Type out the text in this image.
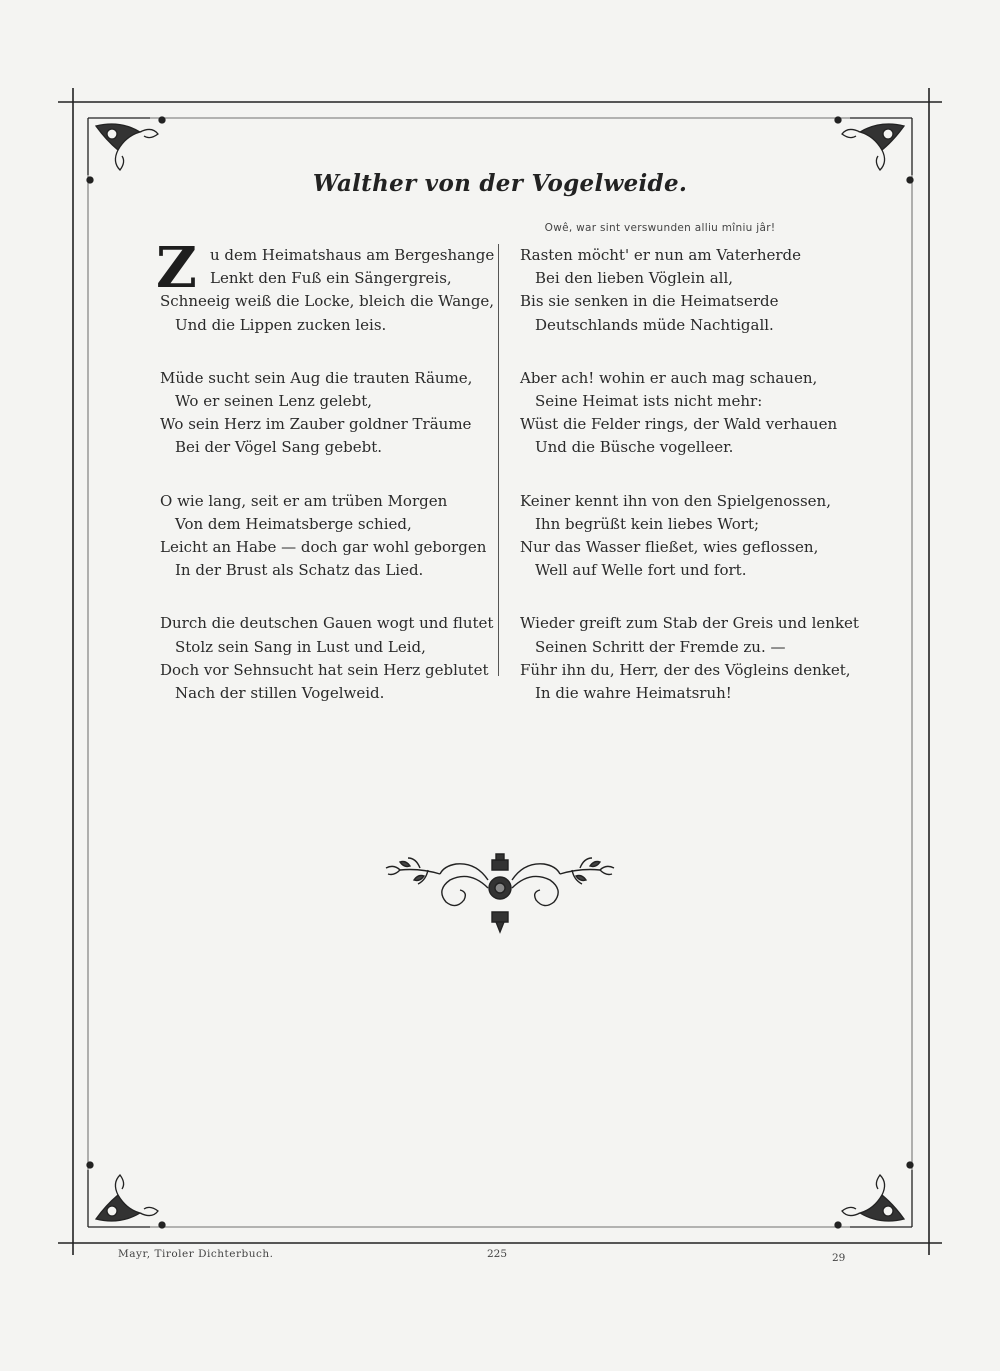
Walther von der Vogelweide.
Owê, war sint verswunden alliu mîniu jâr!
Z u dem Heimatshaus am Bergeshange
Lenkt den Fuß ein Sängergreis,
Schneeig weiß die Locke, bleich die Wange,
Und die Lippen zucken leis.
Müde sucht sein Aug die trauten Räume,
Wo er seinen Lenz gelebt,
Wo sein Herz im Zauber goldner Träume
Bei der Vögel Sang gebebt.
O wie lang, seit er am trüben Morgen
Von dem Heimatsberge schied,
Leicht an Habe — doch gar wohl geborgen
In der Brust als Schatz das Lied.
Durch die deutschen Gauen wogt und flutet
Stolz sein Sang in Lust und Leid,
Doch vor Sehnsucht hat sein Herz geblutet
Nach der stillen Vogelweid.
Rasten möcht' er nun am Vaterherde
Bei den lieben Vöglein all,
Bis sie senken in die Heimatserde
Deutschlands müde Nachtigall.
Aber ach! wohin er auch mag schauen,
Seine Heimat ists nicht mehr:
Wüst die Felder rings, der Wald verhauen
Und die Büsche vogelleer.
Keiner kennt ihn von den Spielgenossen,
Ihn begrüßt kein liebes Wort;
Nur das Wasser fließet, wies geflossen,
Well auf Welle fort und fort.
Wieder greift zum Stab der Greis und lenket
Seinen Schritt der Fremde zu. —
Führ ihn du, Herr, der des Vögleins denket,
In die wahre Heimatsruh!
Mayr, Tiroler Dichterbuch.	225	29
